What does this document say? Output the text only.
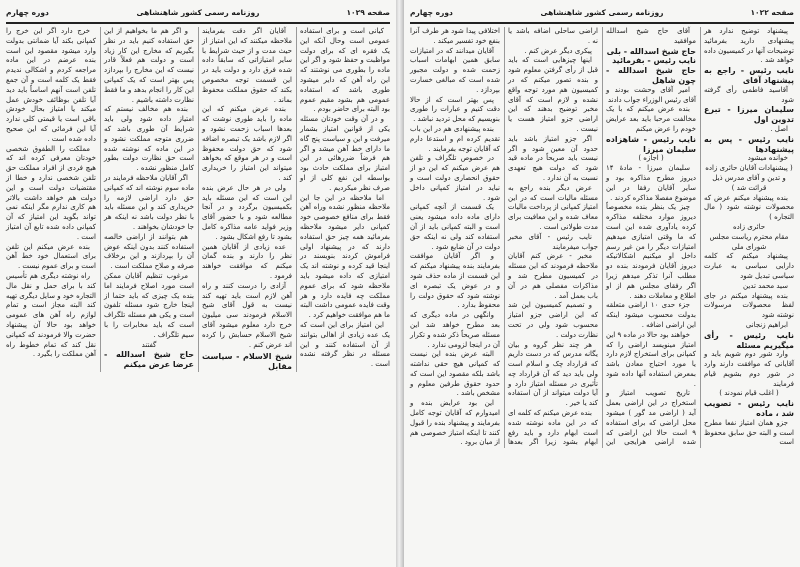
صفحه ۱۰۲۹
روزنامه رسمی کشور شاهنشاهی
دوره چهارم
کیانی است و برای استفاده عمومی است وحال آنکه این یک فقره ای که برای دولت مواظبت و حفظ شود و اگر این ماده را بطوری می نوشتند که این راه آهن که دایر میشود طوری باشد که استفاده عمومی هم بشود مقیم عموم بود البته برای حاضر بودم .
و در آن وقت خودتان مسئله یکی از قوانین امتیاز بشمار میرفت و این و سیاست پنج گاه ما دارای خط آهن میشد و اگر هم فرضاً ضررهائی در این امتیاز برای مملکت حادث بود بواسطه این نفع کلی از او صرف نظر میکردیم .
اما ملاحظه در این جا این ملاحظه منظور نشده وراه آهن فقط برای منافع خصوصی خود کمپانی دایر میشود ملاحظه بفرمائید همه چیز حق استفاده دارند که در پیشنهاد اولی فراموش کردند بنویسند در اینجا قید کرده و نوشته اند یک امتیازی که داده میشود باید ملاحظه شود که برای عموم مملکت چه فایده دارد و هر وقت فایده عمومی داشت البته ما هم موافقت خواهیم کرد .
این امتیاز برای این است که یک عده زیادی از اهالی بتوانند از آن استفاده کنند و این مسئله در نظر گرفته نشده است .
آقایان اگر دقت بفرمایند ملاحظه میکنند که این امتیاز از حیث مدت و از حیث شرایط با سایر امتیازاتی که سابقاً داده شده فرق دارد و دولت باید در این قسمت توجه مخصوص بکند که حقوق مملکت محفوظ بماند .
بنده عرض میکنم که این ماده را باید طوری نوشت که بعدها اسباب زحمت نشود و اگر لازم باشد یک تبصره اضافه شود که حق دولت محفوظ است و در هر موقع که بخواهد میتواند این امتیاز را خریداری کند .
ولی در هر حال عرض بنده این است که این مسئله باید بکمیسیون برگردد و در آنجا مطالعه شود و با حضور آقای وزیر فواید عامه مذاکره کامل بشود تا رفع اشکال بشود .
عده زیادی از آقایان همین نظر را دارند و بنده گمان میکنم که موافقت خواهند فرمود .
آزادی را درست کنند و راه آهن لازم است باید تهیه کند نیست به قول آقای شیخ الاسلام فرمودند سی میلیون خرج دارد معلوم میشود آقای شیخ الاسلام حسابش را کرده اند عرض کنم .
شیخ الاسلام - سیاست مقابل
و اگر هم ما بخواهیم از این حق استفاده کنیم باید در نظر بگیریم که مخارج این کار زیاد است و دولت هم فعلاً قادر نیست که این مخارج را بپردازد پس بهتر است که یک کمپانی این کار را انجام بدهد و ما فقط نظارت داشته باشیم .
بنده هم مخالف نیستم که امتیاز داده شود ولی باید شرایط آن طوری باشد که ضرری متوجه مملکت نشود و در این ماده که نوشته شده است حق نظارت دولت بطور کامل منظور نشده .
اگر آقایان ملاحظه فرمایند در ماده سوم نوشته اند که کمپانی حق دارد اراضی لازمه را خریداری کند و این مسئله باید با نظر دولت باشد نه اینکه هر جا خودشان بخواهند .
هم بتوانند از اراضی خالصه استفاده کنند بدون اینکه عوض آن را بپردازند و این برخلاف صرفه و صلاح مملکت است .
مرغوب تنظیم آقایان ممکن است مورد اصلاح فرمایند اما بنده یک چیزی که باید حتما از اینجا خارج شود مسئله تلفون است و یکی هم مسئله تلگراف است که باید مخابرات را با سیم تلگراف .
گفتند
حاج شیخ اسدالله - عرضا عرض میکنم
خرج دارد اگر این خرج را کمپانی بکند آیا ضمانتی بدولت وارد میشود مقصود این است بنده عرضم در این ماده مراجعه کردم و اشکالی ندیدم فقط یک کلمه است و آن جمع تلفن است آنهم اساساً باید دید آیا تلفن بوظائف خودش عمل میکند یا امتیاز بحال خودش باقی است یا قیمتی کلی ندارد آیا این فرمائی که این صحیح داده شده است .
مملکت را الطفوق شخصی خودتان معرفی کرده اند که هیچ فردی از افراد مملکت حق تلفن شخصی ندارد و خطا از مقتضیات دولت است و این دولت هم خواهد داشت بالاتر هم کاری ندارم مگر اینکه نمی تواند بگوید این امتیاز که آن کمپانی داده شده تابع آن امتیاز است .
بنده عرض میکنم این تلفن برای استعمال خود خط آهن است و برای عموم نیست .
راه نوشته دیگری هم تأسیس کند با برای حمل و نقل مال التجاره خود و سایل دیگری تهیه کند البته مجاز است و تمام لوازم راه آهن های عمومی خواهد بود حالا آن پیشنهاد حضرت والا فرمودند که کمپانی نقل کند که تمام خطوط راه آهن مملکت را بگیرد .
صفحه ۱۰۲۲
روزنامه رسمی کشور شاهنشاهی
دوره چهارم
پیشنهاد توضیح ندارد هر پیشنهادی دارید بفرمائید توضیحات آنها در کمیسیون داده خواهد شد .
نایب رئیس - راجع به پیشنهاد آقای
آقاسید فاطمی رأی گرفته شود
سلیمان میرزا - تبرع تدوین اول
اصل .
نایب رئیس - پس به پیشنهادها
خوانده میشود
( پیشنهادات آقایان حائری زاده و تدین و آقای مدرس ذیل قرائت شد )
بنده پیشنهاد میکنم عرض که محصولات نوشته شود ( مال التجاره )
حائری زاده
مقام محترم ریاست مجلس شورای ملی
پیشنهاد میکنم که کلمه دارایی سیاسی به عبارت سیاسی تبدیل شود
سید محمد تدین
بنده پیشنهاد میکنم در جای لفظ محصولات مرسولات نوشته شود
ابراهیم زنجانی
نایب رئیس - رأی میگیریم مسئله
وارد شور دوم شویم باید و آقایانی که موافقت دارند وارد در شور دوم بشویم قیام فرمایند
( اغلب قیام نمودند )
نایب رئیس - تصویب شد ، ماده
جزو همان امتیاز نفعا مطرح است و البته حق سابق محفوظ است
آقای حاج شیخ اسدالله موافقید
حاج شیخ اسدالله - بلی
نایب رئیس - بفرمائید
حاج شیخ اسدالله - چون شاهل
امیر آقای وحشت بودند و آقای رئیس الوزراء جواب دادند
بنده عرض میکنم که با یک مخالفت مرحبا باید بعد عرایض خودم را عرض میکنم
نایب رئیس - شاهزاده سلیمان میرزا
( اجازه )
سلیمان میرزا - مادهٔ ۱۴ دیروز مطرح مذاکره بود و سایر آقایان رفقا در این موضوع مفصلا مذاکره کردند .
چیز یک بنظر بنده مخصوصاً دیروز موارد مختلفه مذاکره کرده یادآوری شده این است که ما وقتی امتیازی میدهیم امتیازات دیگر را من غیر رسم داخل او میکنیم اشکالاتیکه دیروز آقایان فرمودند بنده دو مطلب آنرا تذکر میدهم زیرا اگر رفقای مجلس هم از او اطلاع و معاملات دهند .
جزء حدی ۱۰ اراضی متعلقه بدولت محسوب میشود اینکه این اراضی اضافه .
خواهند بود حالا در ماده ۹ این امتیاز مینویسد اراضی را که کمپانی برای استخراج لازم دارد یا مورد احتیاج معادن باشد بمعرض استفاده آنها داده شود .
تاریخ تصویب امتیاز و استخراج در این اراضی بعمل آید ( اراضی مد گور ) میشود محل اراضی که برای استفاده ۹ است حالا این اراضی که شده اراضی هرایجی این اراضی ساحلی اضافه باشد یا نه .
پیکری دیگر عرض کنم .
اینها چیزهایی است که باید قبل از رأی گرفتن معلوم شود و بنده تصور میکنم که در کمیسیون هم مورد توجه واقع نشده و لازم است که آقای مخبر توضیح بدهند که این اراضی جزو امتیاز هست یا نیست .
اگر جزو امتیاز باشد باید حدود آن معین شود و اگر نیست باید صریحاً در ماده قید شود که دولت هیچ تعهدی نسبت به آن ندارد .
عرض دیگر بنده راجع به مسئله مالیات است که در این امتیاز کمپانی از پرداخت مالیات معاف شده و این معافیت برای مدت طولانی است .
نایب رئیس - آقای مخبر جواب میفرمایند
مخبر - عرض کنم آقایان ملاحظه فرمودند که این مسئله در کمیسیون مطرح شد و مذاکرات مفصلی هم در آن باب بعمل آمد .
و تصمیم کمیسیون این شد که این اراضی جزو امتیاز محسوب شود ولی در تحت نظارت دولت .
هر چند نظر گروه و بیان یگانه مدرس که در دست داریم که قرارداد چک و اسلام است ولی باید دید که آن قرارداد چه تأثیری در مسئله امتیاز دارد و آیا دولت میتواند از آن استفاده کند یا خیر .
بنده عرض میکنم که کلمه ای که در این ماده نوشته شده است ابهام دارد و باید رفع ابهام بشود زیرا اگر بعدها اختلافی پیدا شود هر طرف آنرا بنفع خود تفسیر میکند .
آقایان میدانند که در امتیازات سابق همین ابهامات اسباب زحمت شده و دولت مجبور شده است که مبالغی خسارت بپردازد .
پس بهتر است که از حالا دقت کنیم و عبارات را طوری بنویسیم که محل تردید نباشد .
بنده پیشنهادی هم در این باب تقدیم کرده ام و استدعا دارم که آقایان توجه بفرمایند .
در خصوص تلگراف و تلفن هم عرض میکنم که این دو از حقوق انحصاری دولت است و نباید در امتیاز کمپانی داخل شود .
یک قسمت از آنچه کمپانی دارای ماده داده میشود یعنی است و البته کمپانی باید از آن استفاده کند ولی نه اینکه حق دولت در آن ضایع شود .
و اگر آقایان موافقت بفرمایند بنده پیشنهاد میکنم که این قسمت از ماده حذف شود و در عوض یک تبصره ای نوشته شود که حقوق دولت را محفوظ بدارد .
وانگهی در ماده دیگری که بعد مطرح خواهد شد این مسئله صریحاً ذکر شده و تکرار آن در اینجا لزومی ندارد .
البته عرض بنده این نیست که کمپانی هیچ حقی نداشته باشد بلکه مقصود این است که حدود حقوق طرفین معلوم و مشخص باشد .
این بود عرایض بنده و امیدوارم که آقایان توجه کامل بفرمایند و پیشنهاد بنده را قبول کنند تا اینکه امتیاز خصوصی هم از میان برود .
